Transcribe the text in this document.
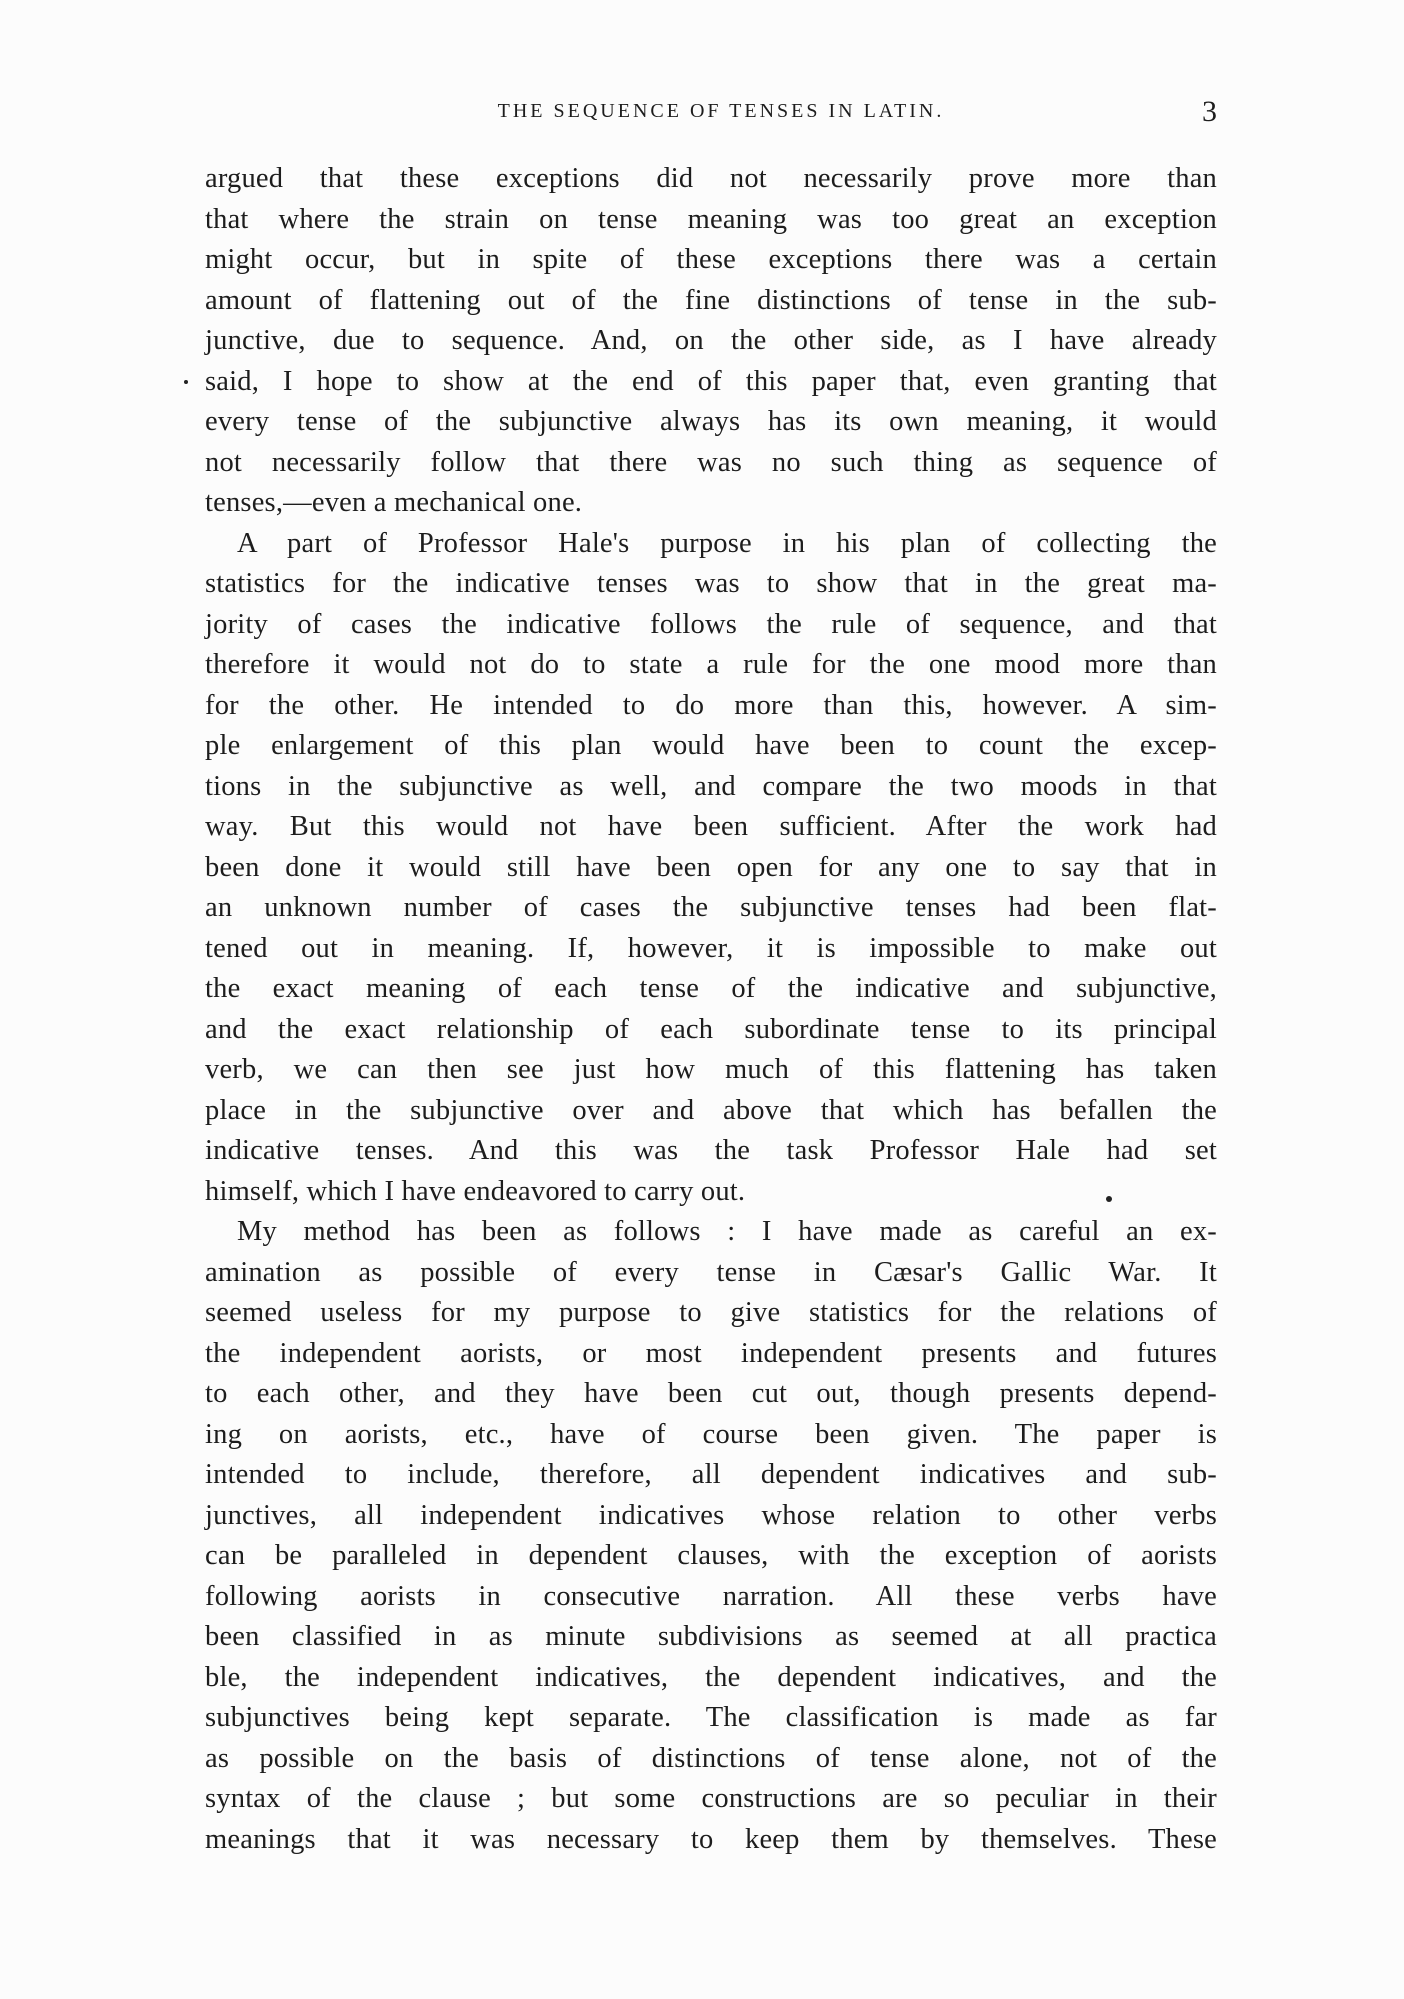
THE SEQUENCE OF TENSES IN LATIN.	3
argued that these exceptions did not necessarily prove more than
that where the strain on tense meaning was too great an exception
might occur, but in spite of these exceptions there was a certain
amount of flattening out of the fine distinctions of tense in the sub-
junctive, due to sequence. And, on the other side, as I have already
said, I hope to show at the end of this paper that, even granting that
every tense of the subjunctive always has its own meaning, it would
not necessarily follow that there was no such thing as sequence of
tenses,—even a mechanical one.
A part of Professor Hale's purpose in his plan of collecting the
statistics for the indicative tenses was to show that in the great ma-
jority of cases the indicative follows the rule of sequence, and that
therefore it would not do to state a rule for the one mood more than
for the other. He intended to do more than this, however. A sim-
ple enlargement of this plan would have been to count the excep-
tions in the subjunctive as well, and compare the two moods in that
way. But this would not have been sufficient. After the work had
been done it would still have been open for any one to say that in
an unknown number of cases the subjunctive tenses had been flat-
tened out in meaning. If, however, it is impossible to make out
the exact meaning of each tense of the indicative and subjunctive,
and the exact relationship of each subordinate tense to its principal
verb, we can then see just how much of this flattening has taken
place in the subjunctive over and above that which has befallen the
indicative tenses. And this was the task Professor Hale had set
himself, which I have endeavored to carry out.
My method has been as follows : I have made as careful an ex-
amination as possible of every tense in Cæsar's Gallic War. It
seemed useless for my purpose to give statistics for the relations of
the independent aorists, or most independent presents and futures
to each other, and they have been cut out, though presents depend-
ing on aorists, etc., have of course been given. The paper is
intended to include, therefore, all dependent indicatives and sub-
junctives, all independent indicatives whose relation to other verbs
can be paralleled in dependent clauses, with the exception of aorists
following aorists in consecutive narration. All these verbs have
been classified in as minute subdivisions as seemed at all practica
ble, the independent indicatives, the dependent indicatives, and the
subjunctives being kept separate. The classification is made as far
as possible on the basis of distinctions of tense alone, not of the
syntax of the clause ; but some constructions are so peculiar in their
meanings that it was necessary to keep them by themselves. These
